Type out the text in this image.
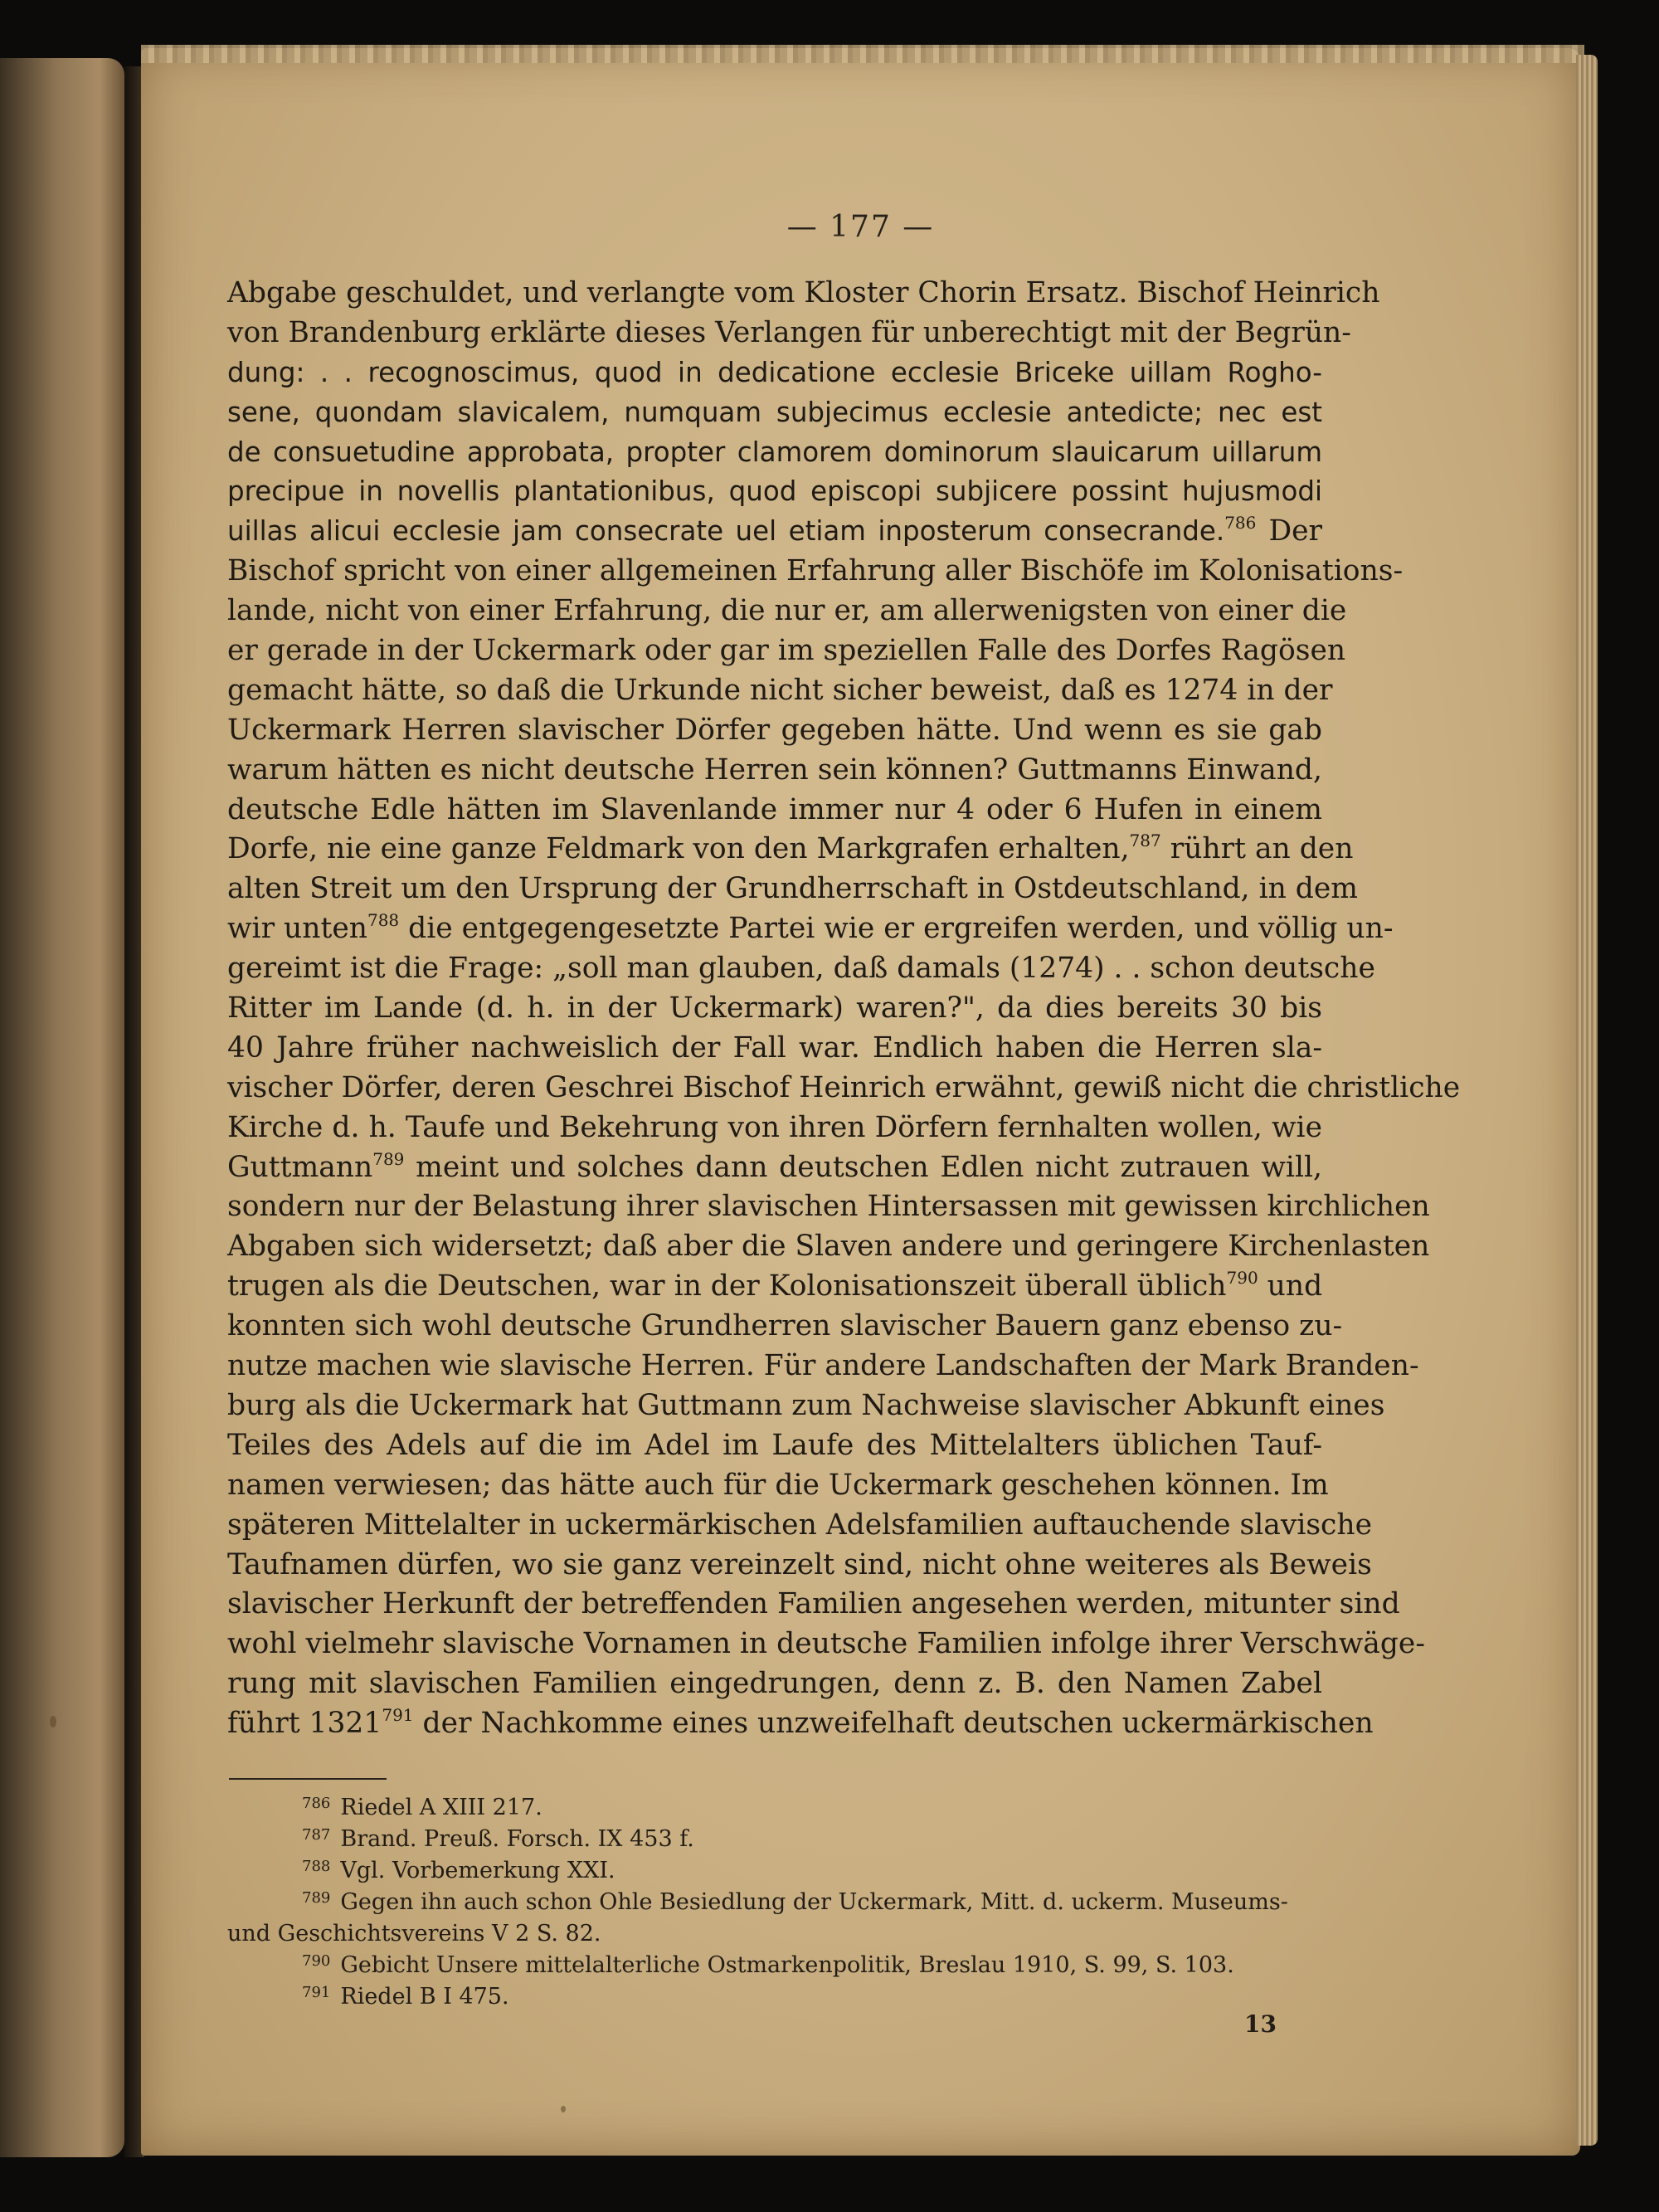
— 177 —
Abgabe geschuldet, und verlangte vom Kloster Chorin Ersatz. Bischof Heinrich
von Brandenburg erklärte dieses Verlangen für unberechtigt mit der Begrün-
dung: . . recognoscimus, quod in dedicatione ecclesie Briceke uillam Rogho-
sene, quondam slavicalem, numquam subjecimus ecclesie antedicte; nec est
de consuetudine approbata, propter clamorem dominorum slauicarum uillarum
precipue in novellis plantationibus, quod episcopi subjicere possint hujusmodi
uillas alicui ecclesie jam consecrate uel etiam inposterum consecrande.$^{786}$ Der
Bischof spricht von einer allgemeinen Erfahrung aller Bischöfe im Kolonisations-
lande, nicht von einer Erfahrung, die nur er, am allerwenigsten von einer die
er gerade in der Uckermark oder gar im speziellen Falle des Dorfes Ragösen
gemacht hätte, so daß die Urkunde nicht sicher beweist, daß es 1274 in der
Uckermark Herren slavischer Dörfer gegeben hätte. Und wenn es sie gab
warum hätten es nicht deutsche Herren sein können? Guttmanns Einwand,
deutsche Edle hätten im Slavenlande immer nur 4 oder 6 Hufen in einem
Dorfe, nie eine ganze Feldmark von den Markgrafen erhalten,$^{787}$ rührt an den
alten Streit um den Ursprung der Grundherrschaft in Ostdeutschland, in dem
wir unten$^{788}$ die entgegengesetzte Partei wie er ergreifen werden, und völlig un-
gereimt ist die Frage: „soll man glauben, daß damals (1274) . . schon deutsche
Ritter im Lande (d. h. in der Uckermark) waren?", da dies bereits 30 bis
40 Jahre früher nachweislich der Fall war. Endlich haben die Herren sla-
vischer Dörfer, deren Geschrei Bischof Heinrich erwähnt, gewiß nicht die christliche
Kirche d. h. Taufe und Bekehrung von ihren Dörfern fernhalten wollen, wie
Guttmann$^{789}$ meint und solches dann deutschen Edlen nicht zutrauen will,
sondern nur der Belastung ihrer slavischen Hintersassen mit gewissen kirchlichen
Abgaben sich widersetzt; daß aber die Slaven andere und geringere Kirchenlasten
trugen als die Deutschen, war in der Kolonisationszeit überall üblich$^{790}$ und
konnten sich wohl deutsche Grundherren slavischer Bauern ganz ebenso zu-
nutze machen wie slavische Herren. Für andere Landschaften der Mark Branden-
burg als die Uckermark hat Guttmann zum Nachweise slavischer Abkunft eines
Teiles des Adels auf die im Adel im Laufe des Mittelalters üblichen Tauf-
namen verwiesen; das hätte auch für die Uckermark geschehen können. Im
späteren Mittelalter in uckermärkischen Adelsfamilien auftauchende slavische
Taufnamen dürfen, wo sie ganz vereinzelt sind, nicht ohne weiteres als Beweis
slavischer Herkunft der betreffenden Familien angesehen werden, mitunter sind
wohl vielmehr slavische Vornamen in deutsche Familien infolge ihrer Verschwäge-
rung mit slavischen Familien eingedrungen, denn z. B. den Namen Zabel
führt 1321$^{791}$ der Nachkomme eines unzweifelhaft deutschen uckermärkischen
$^{786}$ Riedel A XIII 217.
$^{787}$ Brand. Preuß. Forsch. IX 453 f.
$^{788}$ Vgl. Vorbemerkung XXI.
$^{789}$ Gegen ihn auch schon Ohle Besiedlung der Uckermark, Mitt. d. uckerm. Museums-
und Geschichtsvereins V 2 S. 82.
$^{790}$ Gebicht Unsere mittelalterliche Ostmarkenpolitik, Breslau 1910, S. 99, S. 103.
$^{791}$ Riedel B I 475.
13
